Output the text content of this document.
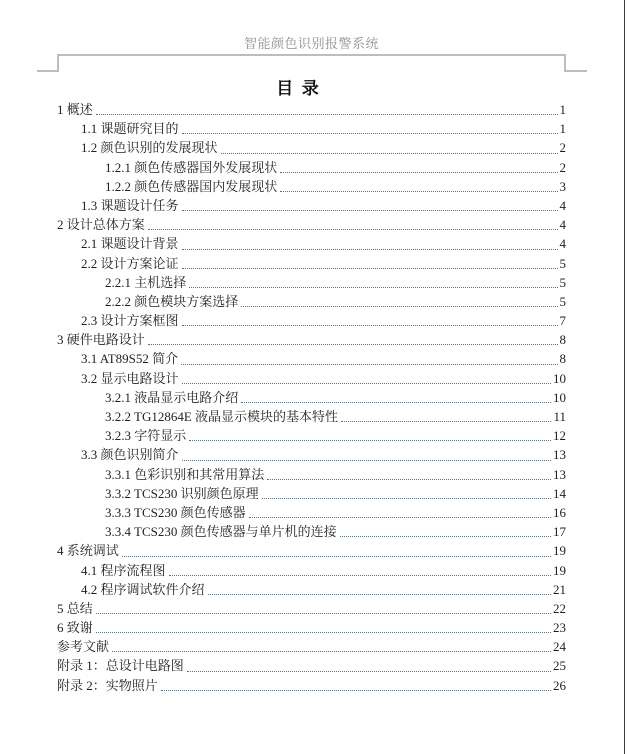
智能颜色识别报警系统
目  录
1 概述	1
1.1 课题研究目的	1
1.2 颜色识别的发展现状	2
1.2.1 颜色传感器国外发展现状	2
1.2.2 颜色传感器国内发展现状	3
1.3 课题设计任务	4
2 设计总体方案	4
2.1 课题设计背景	4
2.2 设计方案论证	5
2.2.1 主机选择	5
2.2.2 颜色模块方案选择	5
2.3 设计方案框图	7
3 硬件电路设计	8
3.1 AT89S52 简介	8
3.2 显示电路设计	10
3.2.1 液晶显示电路介绍	10
3.2.2 TG12864E 液晶显示模块的基本特性	11
3.2.3 字符显示	12
3.3 颜色识别简介	13
3.3.1 色彩识别和其常用算法	13
3.3.2 TCS230 识别颜色原理	14
3.3.3 TCS230 颜色传感器	16
3.3.4 TCS230 颜色传感器与单片机的连接	17
4 系统调试	19
4.1 程序流程图	19
4.2 程序调试软件介绍	21
5 总结	22
6 致谢	23
参考文献	24
附录 1：总设计电路图	25
附录 2：实物照片	26
